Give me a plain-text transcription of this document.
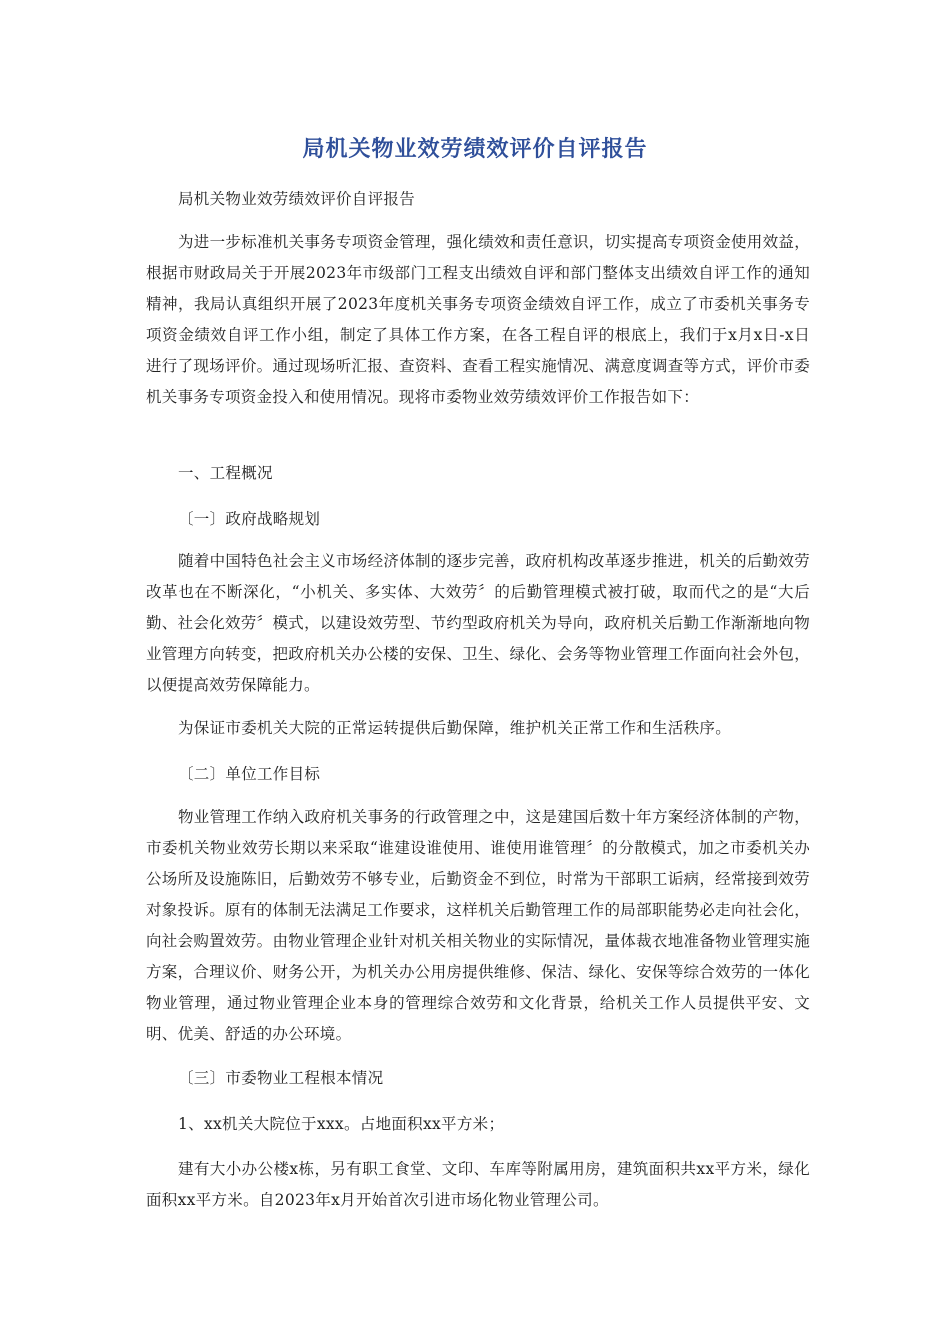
局机关物业效劳绩效评价自评报告
局机关物业效劳绩效评价自评报告
为进一步标准机关事务专项资金管理，强化绩效和责任意识，切实提高专项资金使用效益，根据市财政局关于开展2023年市级部门工程支出绩效自评和部门整体支出绩效自评工作的通知精神，我局认真组织开展了2023年度机关事务专项资金绩效自评工作，成立了市委机关事务专项资金绩效自评工作小组，制定了具体工作方案，在各工程自评的根底上，我们于x月x日-x日进行了现场评价。通过现场听汇报、查资料、查看工程实施情况、满意度调查等方式，评价市委机关事务专项资金投入和使用情况。现将市委物业效劳绩效评价工作报告如下：
一、工程概况
〔一〕政府战略规划
随着中国特色社会主义市场经济体制的逐步完善，政府机构改革逐步推进，机关的后勤效劳改革也在不断深化，“小机关、多实体、大效劳〞的后勤管理模式被打破，取而代之的是“大后勤、社会化效劳〞模式，以建设效劳型、节约型政府机关为导向，政府机关后勤工作渐渐地向物业管理方向转变，把政府机关办公楼的安保、卫生、绿化、会务等物业管理工作面向社会外包，以便提高效劳保障能力。
为保证市委机关大院的正常运转提供后勤保障，维护机关正常工作和生活秩序。
〔二〕单位工作目标
物业管理工作纳入政府机关事务的行政管理之中，这是建国后数十年方案经济体制的产物，市委机关物业效劳长期以来采取“谁建设谁使用、谁使用谁管理〞的分散模式，加之市委机关办公场所及设施陈旧，后勤效劳不够专业，后勤资金不到位，时常为干部职工诟病，经常接到效劳对象投诉。原有的体制无法满足工作要求，这样机关后勤管理工作的局部职能势必走向社会化，向社会购置效劳。由物业管理企业针对机关相关物业的实际情况，量体裁衣地准备物业管理实施方案，合理议价、财务公开，为机关办公用房提供维修、保洁、绿化、安保等综合效劳的一体化物业管理，通过物业管理企业本身的管理综合效劳和文化背景，给机关工作人员提供平安、文明、优美、舒适的办公环境。
〔三〕市委物业工程根本情况
1、xx机关大院位于xxx。占地面积xx平方米；
建有大小办公楼x栋，另有职工食堂、文印、车库等附属用房，建筑面积共xx平方米，绿化面积xx平方米。自2023年x月开始首次引进市场化物业管理公司。
